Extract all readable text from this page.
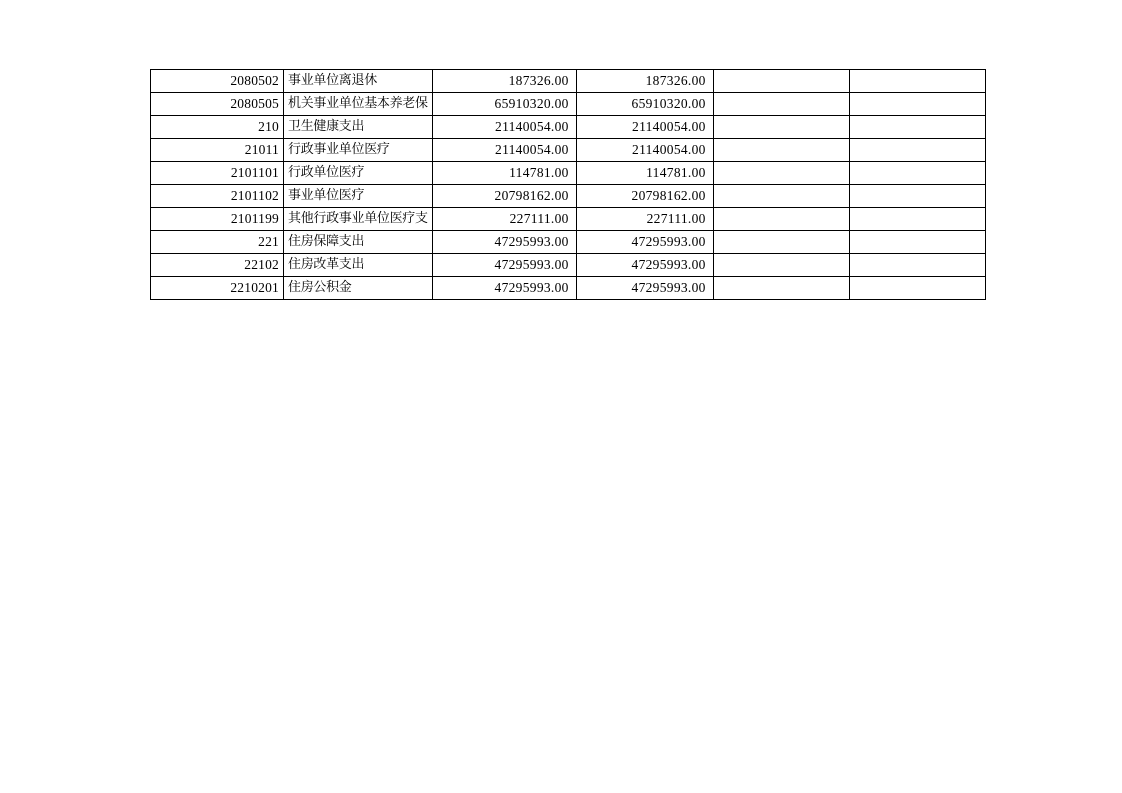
2080502	事业单位离退休	187326.00	187326.00		
2080505	机关事业单位基本养老保	65910320.00	65910320.00		
210	卫生健康支出	21140054.00	21140054.00		
21011	行政事业单位医疗	21140054.00	21140054.00		
2101101	行政单位医疗	114781.00	114781.00		
2101102	事业单位医疗	20798162.00	20798162.00		
2101199	其他行政事业单位医疗支	227111.00	227111.00		
221	住房保障支出	47295993.00	47295993.00		
22102	住房改革支出	47295993.00	47295993.00		
2210201	住房公积金	47295993.00	47295993.00		
